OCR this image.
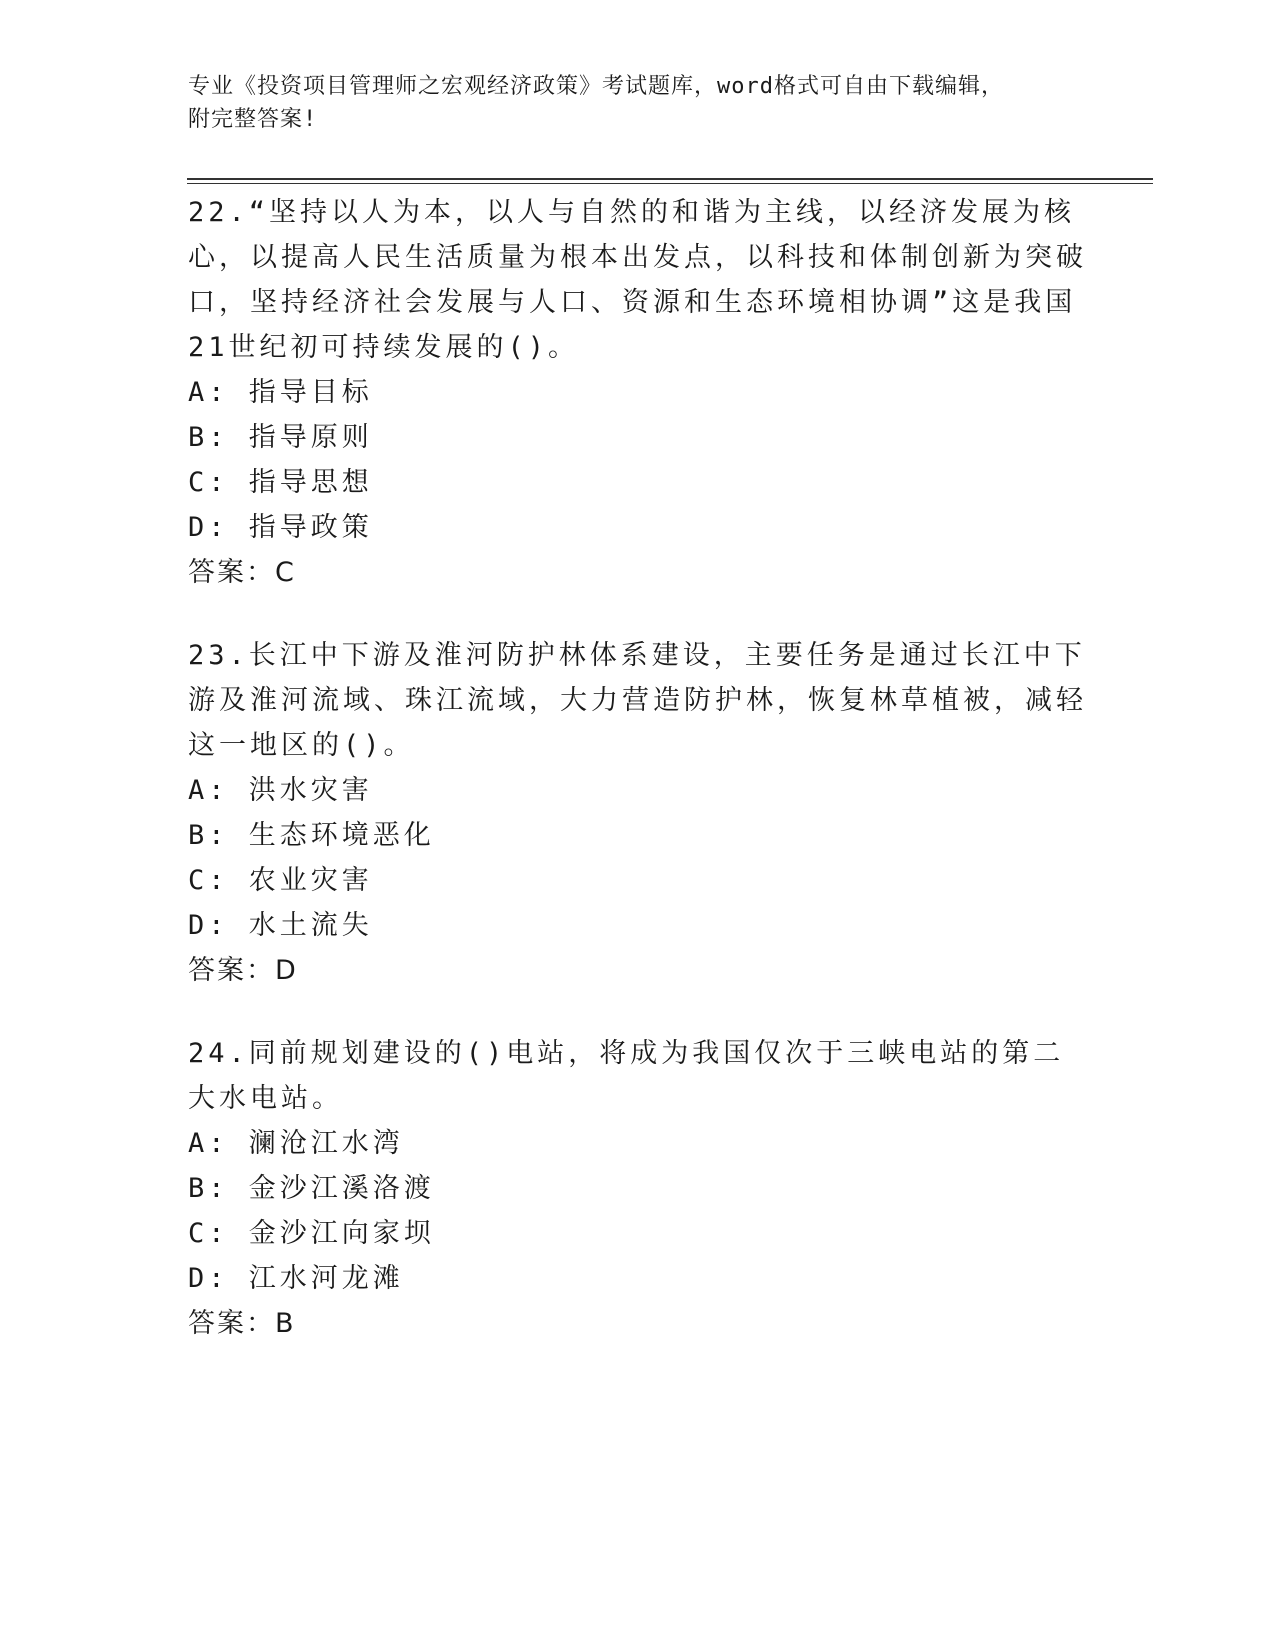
专业《投资项目管理师之宏观经济政策》考试题库，word格式可自由下载编辑，
附完整答案!

22.“坚持以人为本，以人与自然的和谐为主线，以经济发展为核心，以提高人民生活质量为根本出发点，以科技和体制创新为突破口，坚持经济社会发展与人口、资源和生态环境相协调”这是我国21世纪初可持续发展的()。

A: 指导目标

B: 指导原则

C: 指导思想

D: 指导政策

答案：C

23.长江中下游及淮河防护林体系建设，主要任务是通过长江中下游及淮河流域、珠江流域，大力营造防护林，恢复林草植被，减轻这一地区的()。

A: 洪水灾害

B: 生态环境恶化

C: 农业灾害

D: 水土流失

答案：D

24.同前规划建设的()电站，将成为我国仅次于三峡电站的第二大水电站。

A: 澜沧江水湾

B: 金沙江溪洛渡

C: 金沙江向家坝

D: 江水河龙滩

答案：B
